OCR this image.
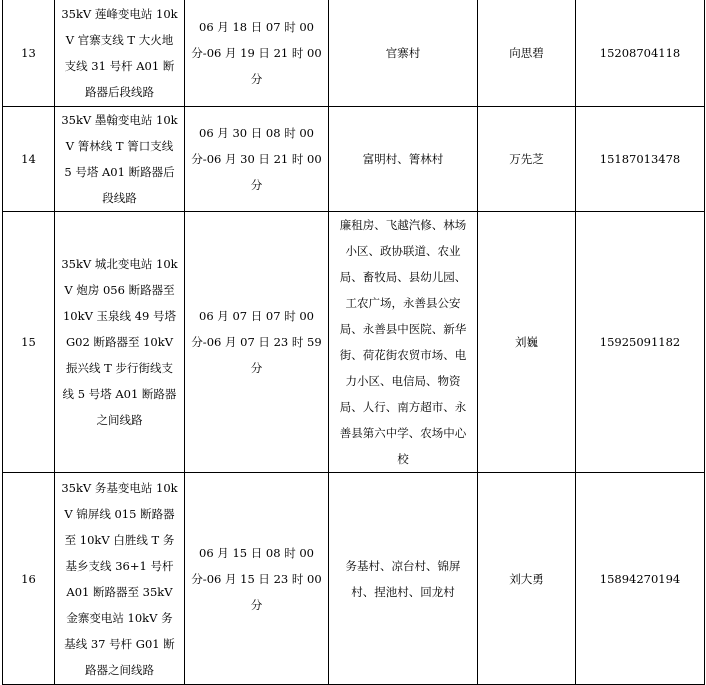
13	35kV 莲峰变电站 10kV 官寨支线 T 大火地支线 31 号杆 A01 断路器后段线路	06 月 18 日 07 时 00 分-06 月 19 日 21 时 00 分	官寨村	向思碧	15208704118
14	35kV 墨翰变电站 10kV 箐林线 T 箐口支线 5 号塔 A01 断路器后段线路	06 月 30 日 08 时 00 分-06 月 30 日 21 时 00 分	富明村、箐林村	万先芝	15187013478
15	35kV 城北变电站 10kV 炮房 056 断路器至 10kV 玉泉线 49 号塔 G02 断路器至 10kV 振兴线 T 步行街线支线 5 号塔 A01 断路器之间线路	06 月 07 日 07 时 00 分-06 月 07 日 23 时 59 分	廉租房、飞越汽修、林场小区、政协联道、农业局、畜牧局、县幼儿园、工农广场，永善县公安局、永善县中医院、新华街、荷花街农贸市场、电力小区、电信局、物资局、人行、南方超市、永善县第六中学、农场中心校	刘巍	15925091182
16	35kV 务基变电站 10kV 锦屏线 015 断路器至 10kV 白胜线 T 务基乡支线 36+1 号杆 A01 断路器至 35kV 金寨变电站 10kV 务基线 37 号杆 G01 断路器之间线路	06 月 15 日 08 时 00 分-06 月 15 日 23 时 00 分	务基村、凉台村、锦屏村、捏池村、回龙村	刘大勇	15894270194
